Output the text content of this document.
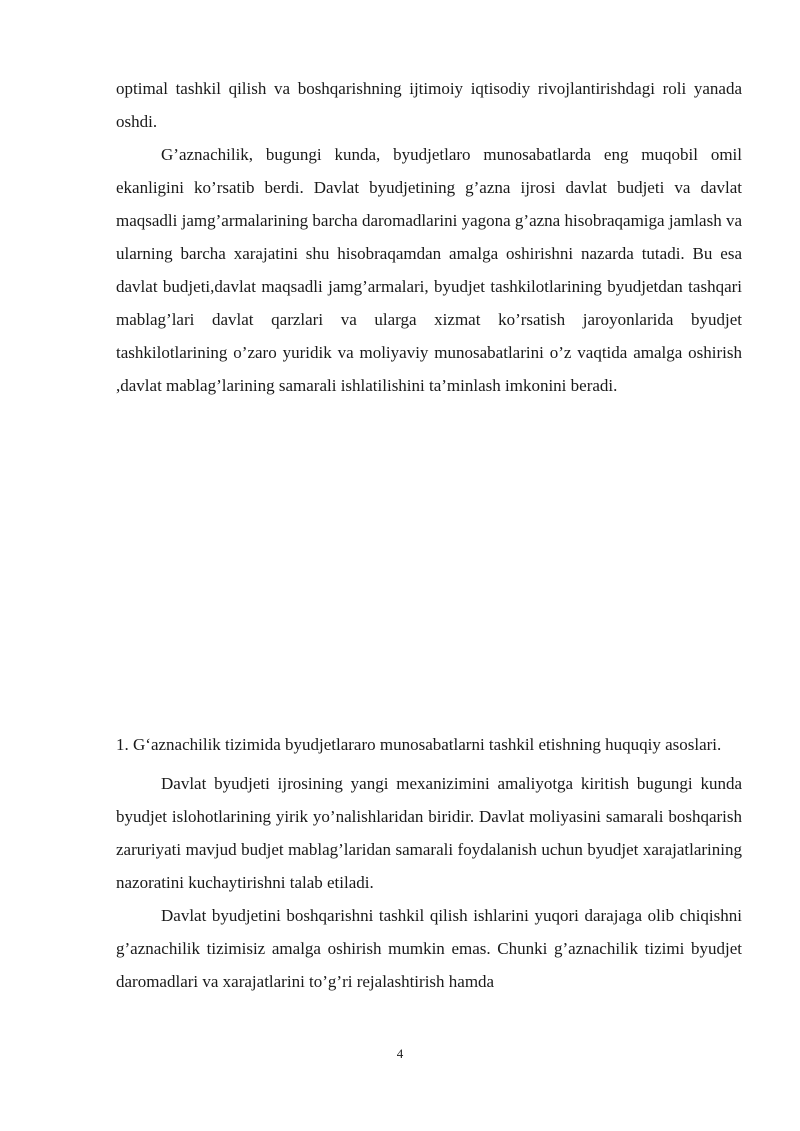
optimal tashkil qilish va boshqarishning ijtimoiy iqtisodiy rivojlantirishdagi roli yanada oshdi.

G’aznachilik, bugungi kunda, byudjetlaro munosabatlarda eng muqobil omil ekanligini ko’rsatib berdi. Davlat byudjetining g’azna ijrosi davlat budjeti va davlat maqsadli jamg’armalarining barcha daromadlarini yagona g’azna hisobraqamiga jamlash va ularning barcha xarajatini shu hisobraqamdan amalga oshirishni nazarda tutadi. Bu esa davlat budjeti,davlat maqsadli jamg’armalari, byudjet tashkilotlarining byudjetdan tashqari mablag’lari davlat qarzlari va ularga xizmat ko’rsatish jaroyonlarida byudjet tashkilotlarining o’zaro yuridik va moliyaviy munosabatlarini o’z vaqtida amalga oshirish ,davlat mablag’larining samarali ishlatilishini ta’minlash imkonini beradi.

1. G‘aznachilik tizimida byudjetlararo munosabatlarni tashkil etishning huquqiy asoslari.

Davlat byudjeti ijrosining yangi mexanizimini amaliyotga kiritish bugungi kunda byudjet islohotlarining yirik yo’nalishlaridan biridir. Davlat moliyasini samarali boshqarish zaruriyati mavjud budjet mablag’laridan samarali foydalanish uchun byudjet xarajatlarining nazoratini kuchaytirishni talab etiladi.

Davlat byudjetini boshqarishni tashkil qilish ishlarini yuqori darajaga olib chiqishni g’aznachilik tizimisiz amalga oshirish mumkin emas. Chunki g’aznachilik tizimi byudjet daromadlari va xarajatlarini to’g’ri rejalashtirish hamda

4
